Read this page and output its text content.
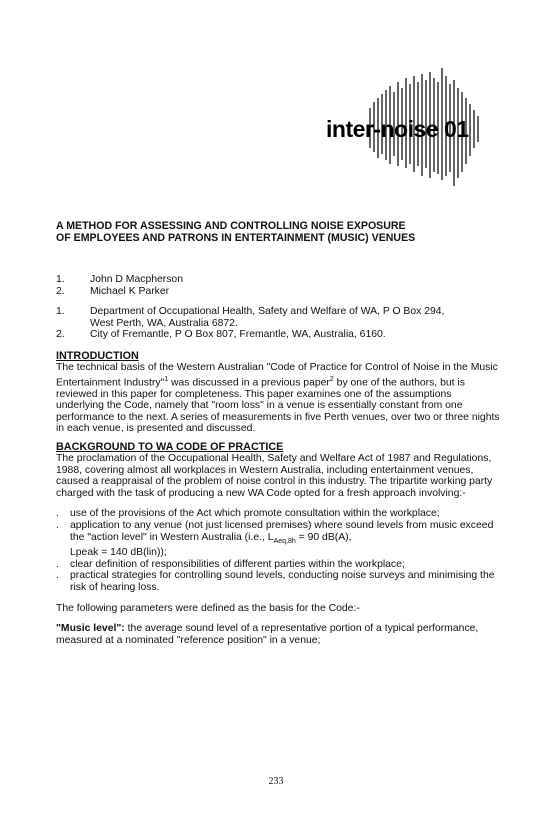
inter-noise 01
A METHOD FOR ASSESSING AND CONTROLLING NOISE EXPOSURE
OF EMPLOYEES AND PATRONS IN ENTERTAINMENT (MUSIC) VENUES
1.	John D Macpherson
2.	Michael K Parker
1.	Department of Occupational Health, Safety and Welfare of WA, P O Box 294,
West Perth, WA, Australia 6872.
2.	City of Fremantle, P O Box 807, Fremantle, WA, Australia, 6160.
INTRODUCTION

The technical basis of the Western Australian "Code of Practice for Control of Noise in the Music Entertainment Industry"$^1$ was discussed in a previous paper$^2$ by one of the authors, but is reviewed in this paper for completeness. This paper examines one of the assumptions underlying the Code, namely that "room loss" in a venue is essentially constant from one performance to the next. A series of measurements in five Perth venues, over two or three nights in each venue, is presented and discussed.

BACKGROUND TO WA CODE OF PRACTICE

The proclamation of the Occupational Health, Safety and Welfare Act of 1987 and Regulations, 1988, covering almost all workplaces in Western Australia, including entertainment venues, caused a reappraisal of the problem of noise control in this industry. The tripartite working party charged with the task of producing a new WA Code opted for a fresh approach involving:-

.	use of the provisions of the Act which promote consultation within the workplace;
.	application to any venue (not just licensed premises) where sound levels from music exceed the "action level" in Western Australia (i.e., $L_{Aeq,8h} = 90$ dB(A),
Lpeak = 140 dB(lin));
.	clear definition of responsibilities of different parties within the workplace;
.	practical strategies for controlling sound levels, conducting noise surveys and minimising the risk of hearing loss.

The following parameters were defined as the basis for the Code:-

"Music level": the average sound level of a representative portion of a typical performance, measured at a nominated "reference position" in a venue;

233
